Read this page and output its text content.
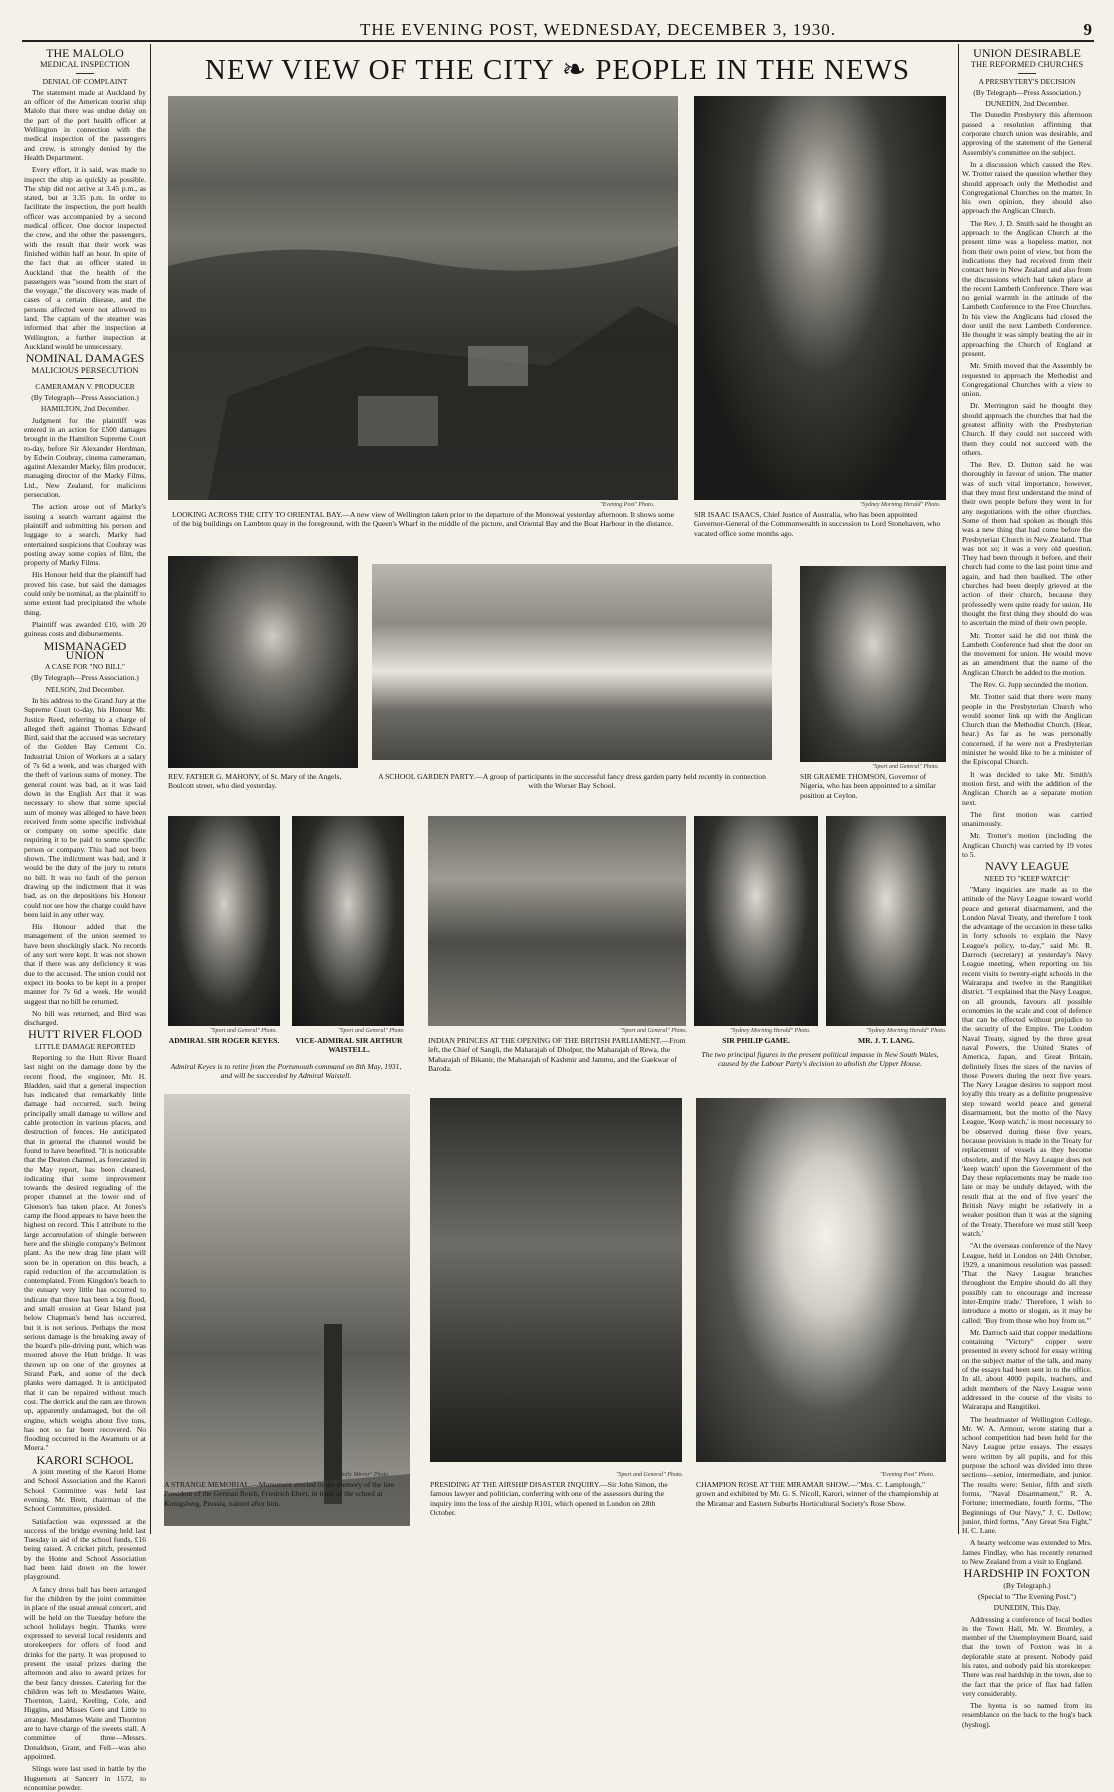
THE EVENING POST, WEDNESDAY, DECEMBER 3, 1930.	9
THE MALOLO
MEDICAL INSPECTION
DENIAL OF COMPLAINT

The statement made at Auckland by an officer of the American tourist ship Malolo that there was undue delay on the part of the port health officer at Wellington in connection with the medical inspection of the passengers and crew, is strongly denied by the Health Department.

Every effort, it is said, was made to inspect the ship as quickly as possible. The ship did not arrive at 3.45 p.m., as stated, but at 3.35 p.m. In order to facilitate the inspection, the port health officer was accompanied by a second medical officer. One doctor inspected the crew, and the other the passengers, with the result that their work was finished within half an hour. In spite of the fact that an officer stated in Auckland that the health of the passengers was "sound from the start of the voyage," the discovery was made of cases of a certain disease, and the persons affected were not allowed to land. The captain of the steamer was informed that after the inspection at Wellington, a further inspection at Auckland would be unnecessary.

NOMINAL DAMAGES
MALICIOUS PERSECUTION
CAMERAMAN V. PRODUCER
(By Telegraph—Press Association.)
HAMILTON, 2nd December.

Judgment for the plaintiff was entered in an action for £500 damages brought in the Hamilton Supreme Court to-day, before Sir Alexander Herdman, by Edwin Coubray, cinema cameraman, against Alexander Marky, film producer, managing director of the Marky Films, Ltd., New Zealand, for malicious persecution.

The action arose out of Marky's issuing a search warrant against the plaintiff and submitting his person and luggage to a search, Marky had entertained suspicions that Coubray was posting away some copies of film, the property of Marky Films.

His Honour held that the plaintiff had proved his case, but said the damages could only be nominal, as the plaintiff to some extent had precipitated the whole thing.

Plaintiff was awarded £10, with 20 guineas costs and disbursements.

MISMANAGED UNION
A CASE FOR "NO BILL"
(By Telegraph—Press Association.)
NELSON, 2nd December.

In his address to the Grand Jury at the Supreme Court to-day, his Honour Mr. Justice Reed, referring to a charge of alleged theft against Thomas Edward Bird, said that the accused was secretary of the Golden Bay Cement Co. Industrial Union of Workers at a salary of 7s 6d a week, and was charged with the theft of various sums of money. The general count was bad, as it was laid down in the English Act that it was necessary to show that some special sum of money was alleged to have been received from some specific individual or company on some specific date requiring it to be paid to some specific person or company. This had not been shown. The indictment was bad, and it would be the duty of the jury to return no bill. It was no fault of the person drawing up the indictment that it was bad, as on the depositions his Honour could not see how the charge could have been laid in any other way.

His Honour added that the management of the union seemed to have been shockingly slack. No records of any sort were kept. It was not shown that if there was any deficiency it was due to the accused. The union could not expect its books to be kept in a proper manner for 7s 6d a week. He would suggest that no bill be returned.

No bill was returned, and Bird was discharged.

HUTT RIVER FLOOD
LITTLE DAMAGE REPORTED

Reporting to the Hutt River Board last night on the damage done by the recent flood, the engineer, Mr. H. Bladden, said that a general inspection has indicated that remarkably little damage had occurred, such being principally small damage to willow and cable protection in various places, and destruction of fences. He anticipated that in general the channel would be found to have benefited. "It is noticeable that the Deaton channel, as forecasted in the May report, has been cleaned, indicating that some improvement towards the desired regrading of the proper channel at the lower end of Gleeson's has taken place. At Jones's camp the flood appears to have been the highest on record. This I attribute to the large accumulation of shingle between here and the shingle company's Belmont plant. As the new drag line plant will soon be in operation on this beach, a rapid reduction of the accumulation is contemplated. From Kingdon's beach to the estuary very little has occurred to indicate that there has been a big flood, and small erosion at Gear Island just below Chapman's bend has occurred, but it is not serious. Perhaps the most serious damage is the breaking away of the board's pile-driving punt, which was moored above the Hutt bridge. It was thrown up on one of the groynes at Strand Park, and some of the deck planks were damaged. It is anticipated that it can be repaired without much cost. The derrick and the ram are thrown up, apparently undamaged, but the oil engine, which weighs about five tons, has not so far been recovered. No flooding occurred in the Awamutu or at Moera."

KARORI SCHOOL

A joint meeting of the Karori Home and School Association and the Karori School Committee was held last evening. Mr. Brett, chairman of the School Committee, presided.

Satisfaction was expressed at the success of the bridge evening held last Tuesday in aid of the school funds, £16 being raised. A cricket pitch, presented by the Home and School Association had been laid down on the lower playground.

A fancy dress ball has been arranged for the children by the joint committee in place of the usual annual concert, and will be held on the Tuesday before the school holidays begin. Thanks were expressed to several local residents and storekeepers for offers of food and drinks for the party. It was proposed to present the usual prizes during the afternoon and also to award prizes for the best fancy dresses. Catering for the children was left to Mesdames Waite, Thornton, Laird, Keeling, Cole, and Higgins, and Misses Gore and Little to arrange. Mesdames Waite and Thornton are to have charge of the sweets stall. A committee of three—Messrs. Donaldson, Grant, and Fell—was also appointed.

Slings were last used in battle by the Huguenots at Sancerr in 1572, to economise powder.

UNION DESIRABLE
THE REFORMED CHURCHES
A PRESBYTERY'S DECISION
(By Telegraph—Press Association.)
DUNEDIN, 2nd December.

The Dunedin Presbytery this afternoon passed a resolution affirming that corporate church union was desirable, and approving of the statement of the General Assembly's committee on the subject.

In a discussion which caused the Rev. W. Trotter raised the question whether they should approach only the Methodist and Congregational Churches on the matter. In his own opinion, they should also approach the Anglican Church.

The Rev. J. D. Smith said he thought an approach to the Anglican Church at the present time was a hopeless matter, not from their own point of view, but from the indications they had received from their contact here in New Zealand and also from the discussions which had taken place at the recent Lambeth Conference. There was no genial warmth in the attitude of the Lambeth Conference to the Free Churches. In his view the Anglicans had closed the door until the next Lambeth Conference. He thought it was simply beating the air in approaching the Church of England at present.

Mr. Smith moved that the Assembly be requested to approach the Methodist and Congregational Churches with a view to union.

Dr. Merrington said he thought they should approach the churches that had the greatest affinity with the Presbyterian Church. If they could not succeed with them they could not succeed with the others.

The Rev. D. Dutton said he was thoroughly in favour of union. The matter was of such vital importance, however, that they must first understand the mind of their own people before they went in for any negotiations with the other churches. Some of them had spoken as though this was a new thing that had come before the Presbyterian Church in New Zealand. That was not so; it was a very old question. They had been through it before, and their church had come to the last point time and again, and had then baulked. The other churches had been deeply grieved at the action of their church, because they professedly were quite ready for union. He thought the first thing they should do was to ascertain the mind of their own people.

Mr. Trotter said he did not think the Lambeth Conference had shut the door on the movement for union. He would move as an amendment that the name of the Anglican Church be added to the motion.

The Rev. G. Jupp seconded the motion.

Mr. Trotter said that there were many people in the Presbyterian Church who would sooner link up with the Anglican Church than the Methodist Church. (Hear, hear.) As far as he was personally concerned, if he were not a Presbyterian minister he would like to be a minister of the Episcopal Church.

It was decided to take Mr. Smith's motion first, and with the addition of the Anglican Church as a separate motion next.

The first motion was carried unanimously.

Mr. Trotter's motion (including the Anglican Church) was carried by 19 votes to 5.

NAVY LEAGUE
NEED TO "KEEP WATCH"

"Many inquiries are made as to the attitude of the Navy League toward world peace and general disarmament, and the London Naval Treaty, and therefore I took the advantage of the occasion in these talks in forty schools to explain the Navy League's policy, to-day," said Mr. R. Darroch (secretary) at yesterday's Navy League meeting, when reporting on his recent visits to twenty-eight schools in the Wairarapa and twelve in the Rangitikei district. "I explained that the Navy League, on all grounds, favours all possible economies in the scale and cost of defence that can be effected without prejudice to the security of the Empire. The London Naval Treaty, signed by the three great naval Powers, the United States of America, Japan, and Great Britain, definitely fixes the sizes of the navies of those Powers during the next five years. The Navy League desires to support most loyally this treaty as a definite progressive step toward world peace and general disarmament, but the motto of the Navy League, 'Keep watch,' is most necessary to be observed during these five years, because provision is made in the Treaty for replacement of vessels as they become obsolete, and if the Navy League does not 'keep watch' upon the Government of the Day these replacements may be made too late or may be unduly delayed, with the result that at the end of five years' the British Navy might be relatively in a weaker position than it was at the signing of the Treaty. Therefore we must still 'keep watch.'

"At the overseas conference of the Navy League, held in London on 24th October, 1929, a unanimous resolution was passed: 'That the Navy League branches throughout the Empire should do all they possibly can to encourage and increase inter-Empire trade.' Therefore, I wish to introduce a motto or slogan, as it may be called: 'Buy from those who buy from us.'"

Mr. Darroch said that copper medallions containing "Victory" copper were presented in every school for essay writing on the subject matter of the talk, and many of the essays had been sent in to the office. In all, about 4000 pupils, teachers, and adult members of the Navy League were addressed in the course of the visits to Wairarapa and Rangitikei.

The headmaster of Wellington College, Mr. W. A. Armour, wrote stating that a school competition had been held for the Navy League prize essays. The essays were written by all pupils, and for this purpose the school was divided into three sections—senior, intermediate, and junior. The results were: Senior, fifth and sixth forms, "Naval Disarmament," R. A. Fortune; intermediate, fourth forms, "The Beginnings of Our Navy," J. C. Dellow; junior, third forms, "Any Great Sea Fight," H. C. Lane.

A hearty welcome was extended to Mrs. James Findlay, who has recently returned to New Zealand from a visit to England.

HARDSHIP IN FOXTON
(By Telegraph.)
(Special to "The Evening Post.")
DUNEDIN, This Day.

Addressing a conference of local bodies in the Town Hall, Mr. W. Bromley, a member of the Unemployment Board, said that the town of Foxton was in a deplorable state at present. Nobody paid his rates, and nobody paid his storekeeper. There was real hardship in the town, due to the fact that the price of flax had fallen very considerably.

The hyena is so named from its resemblance on the back to the hog's back (hyshog).

NEW VIEW OF THE CITY ❧ PEOPLE IN THE NEWS
"Evening Post" Photo.
LOOKING ACROSS THE CITY TO ORIENTAL BAY.—A new view of Wellington taken prior to the departure of the Monowai yesterday afternoon. It shows some of the big buildings on Lambton quay in the foreground, with the Queen's Wharf in the middle of the picture, and Oriental Bay and the Boat Harbour in the distance.
"Sydney Morning Herald" Photo.
SIR ISAAC ISAACS, Chief Justice of Australia, who has been appointed Governor-General of the Commonwealth in succession to Lord Stonehaven, who vacated office some months ago.
REV. FATHER G. MAHONY, of St. Mary of the Angels, Boulcott street, who died yesterday.
A SCHOOL GARDEN PARTY.—A group of participants in the successful fancy dress garden party held recently in connection with the Worser Bay School.
"Sport and General" Photo.
SIR GRAEME THOMSON, Governor of Nigeria, who has been appointed to a similar position at Ceylon.
"Sport and General" Photo.
ADMIRAL SIR ROGER KEYES.
"Sport and General" Photo
VICE-ADMIRAL SIR ARTHUR WAISTELL.
Admiral Keyes is to retire from the Portsmouth command on 8th May, 1931, and will be succeeded by Admiral Waistell.
"Sport and General" Photo.
INDIAN PRINCES AT THE OPENING OF THE BRITISH PARLIAMENT.—From left, the Chief of Sangli, the Maharajah of Dholpur, the Maharajah of Rewa, the Maharajah of Bikanir, the Maharajah of Kashmir and Jammu, and the Gaekwar of Baroda.
"Sydney Morning Herald" Photo.
SIR PHILIP GAME.
"Sydney Morning Herald" Photo.
MR. J. T. LANG.
The two principal figures in the present political impasse in New South Wales, caused by the Labour Party's decision to abolish the Upper House.
"Daily Mirror" Photo.
A STRANGE MEMORIAL.—Monument erected to the memory of the late President of the German Reich, Friedrich Ebert, in front of the school at Konigsberg, Prussia, named after him.
"Sport and General" Photo.
PRESIDING AT THE AIRSHIP DISASTER INQUIRY.—Sir John Simon, the famous lawyer and politician, conferring with one of the assessors during the inquiry into the loss of the airship R101, which opened in London on 28th October.
"Evening Post" Photo.
CHAMPION ROSE AT THE MIRAMAR SHOW.—"Mrs. C. Lamplough," grown and exhibited by Mr. G. S. Nicoll, Karori, winner of the championship at the Miramar and Eastern Suburbs Horticultural Society's Rose Show.
